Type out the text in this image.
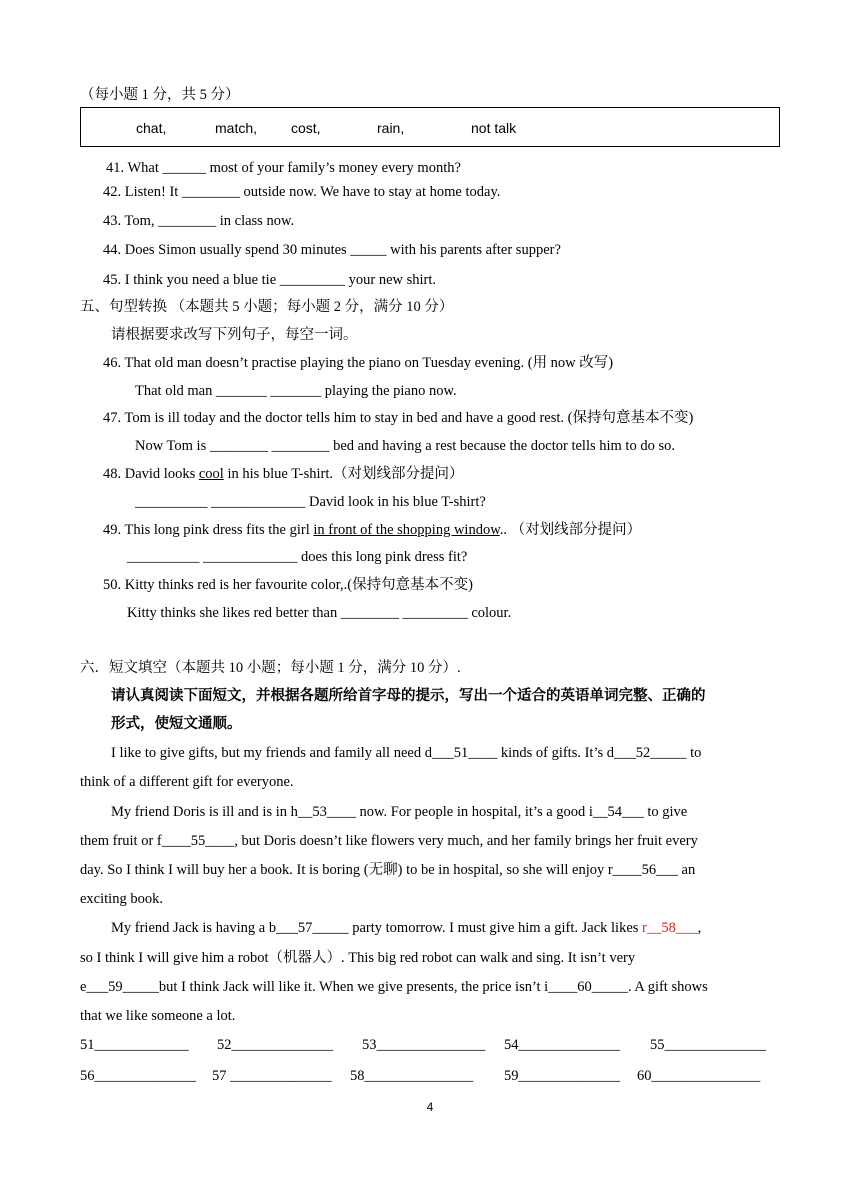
（每小题 1 分，共 5 分）
chat,	match, cost,	rain,	not talk
41. What ______ most of your family’s money every month?
42. Listen! It ________ outside now. We have to stay at home today.
43. Tom, ________ in class now.
44. Does Simon usually spend 30 minutes _____ with his parents after supper?
45. I think you need a blue tie _________ your new shirt.
五、句型转换 （本题共 5 小题；每小题 2 分，满分 10 分）
请根据要求改写下列句子，每空一词。
46. That old man doesn’t practise playing the piano on Tuesday evening. (用 now 改写)
That old man _______ _______ playing the piano now.
47. Tom is ill today and the doctor tells him to stay in bed and have a good rest. (保持句意基本不变)
Now Tom is ________ ________ bed and having a rest because the doctor tells him to do so.
48. David looks cool in his blue T-shirt.（对划线部分提问）
__________ _____________ David look in his blue T-shirt?
49. This long pink dress fits the girl in front of the shopping window.. （对划线部分提问）
__________ _____________ does this long pink dress fit?
50. Kitty thinks red is her favourite color,.(保持句意基本不变)
Kitty thinks she likes red better than ________ _________ colour.
六．短文填空（本题共 10 小题；每小题 1 分，满分 10 分）.
请认真阅读下面短文，并根据各题所给首字母的提示，写出一个适合的英语单词完整、正确的
形式，使短文通顺。
I like to give gifts, but my friends and family all need d___51____ kinds of gifts. It’s d___52_____ to
think of a different gift for everyone.
My friend Doris is ill and is in h__53____ now. For people in hospital, it’s a good i__54___ to give
them fruit or f____55____, but Doris doesn’t like flowers very much, and her family brings her fruit every
day. So I think I will buy her a book. It is boring (无聊) to be in hospital, so she will enjoy r____56___ an
exciting book.
My friend Jack is having a b___57_____ party tomorrow. I must give him a gift. Jack likes r__58___,
so I think I will give him a robot（机器人）. This big red robot can walk and sing. It isn’t very
e___59_____but I think Jack will like it. When we give presents, the price isn’t i____60_____. A gift shows
that we like someone a lot.
51_____________ 52______________ 53_______________ 54______________ 55______________
56______________ 57 ______________ 58_______________ 59______________ 60_______________
4
